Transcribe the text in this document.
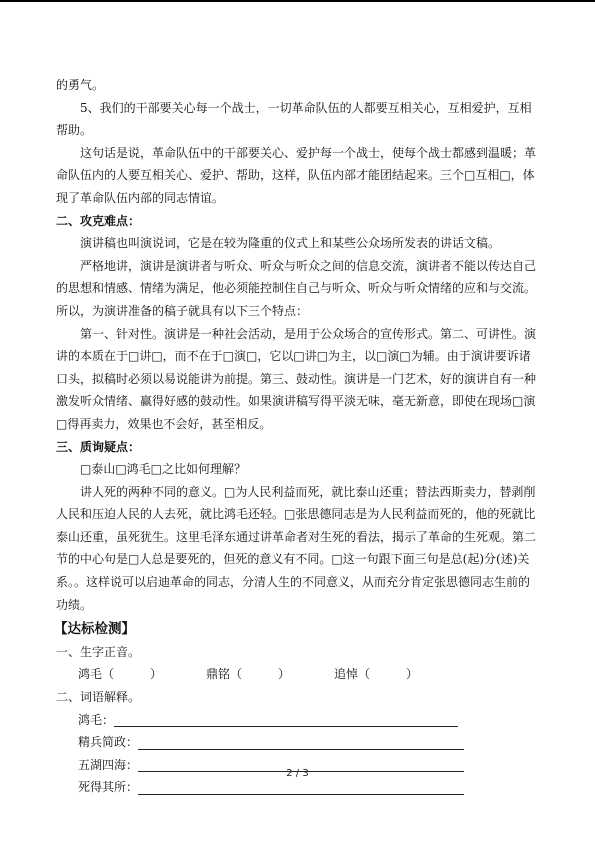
的勇气。

5、我们的干部要关心每一个战士，一切革命队伍的人都要互相关心，互相爱护，互相帮助。

这句话是说，革命队伍中的干部要关心、爱护每一个战士，使每个战士都感到温暖；革命队伍内的人要互相关心、爱护、帮助，这样，队伍内部才能团结起来。三个□互相□，体现了革命队伍内部的同志情谊。

二、攻克难点：

演讲稿也叫演说词，它是在较为隆重的仪式上和某些公众场所发表的讲话文稿。

严格地讲，演讲是演讲者与听众、听众与听众之间的信息交流，演讲者不能以传达自己的思想和情感、情绪为满足，他必须能控制住自己与听众、听众与听众情绪的应和与交流。所以，为演讲准备的稿子就具有以下三个特点：

第一、针对性。演讲是一种社会活动，是用于公众场合的宣传形式。第二、可讲性。演讲的本质在于□讲□，而不在于□演□，它以□讲□为主，以□演□为辅。由于演讲要诉诸口头，拟稿时必须以易说能讲为前提。第三、鼓动性。演讲是一门艺术，好的演讲自有一种激发听众情绪、赢得好感的鼓动性。如果演讲稿写得平淡无味，毫无新意，即使在现场□演□得再卖力，效果也不会好，甚至相反。

三、质询疑点：

□泰山□鸿毛□之比如何理解？

讲人死的两种不同的意义。□为人民利益而死，就比泰山还重；替法西斯卖力，替剥削人民和压迫人民的人去死，就比鸿毛还轻。□张思德同志是为人民利益而死的，他的死就比泰山还重，虽死犹生。这里毛泽东通过讲革命者对生死的看法，揭示了革命的生死观。第二节的中心句是□人总是要死的，但死的意义有不同。□这一句跟下面三句是总(起)分(述)关系。。这样说可以启迪革命的同志，分清人生的不同意义，从而充分肯定张思德同志生前的功绩。

【达标检测】

一、生字正音。

鸿毛（　　　）	鼎铭（　　　）	追悼（　　　）

二、词语解释。

鸿毛：
精兵简政：
五湖四海：
死得其所：
2 / 3
